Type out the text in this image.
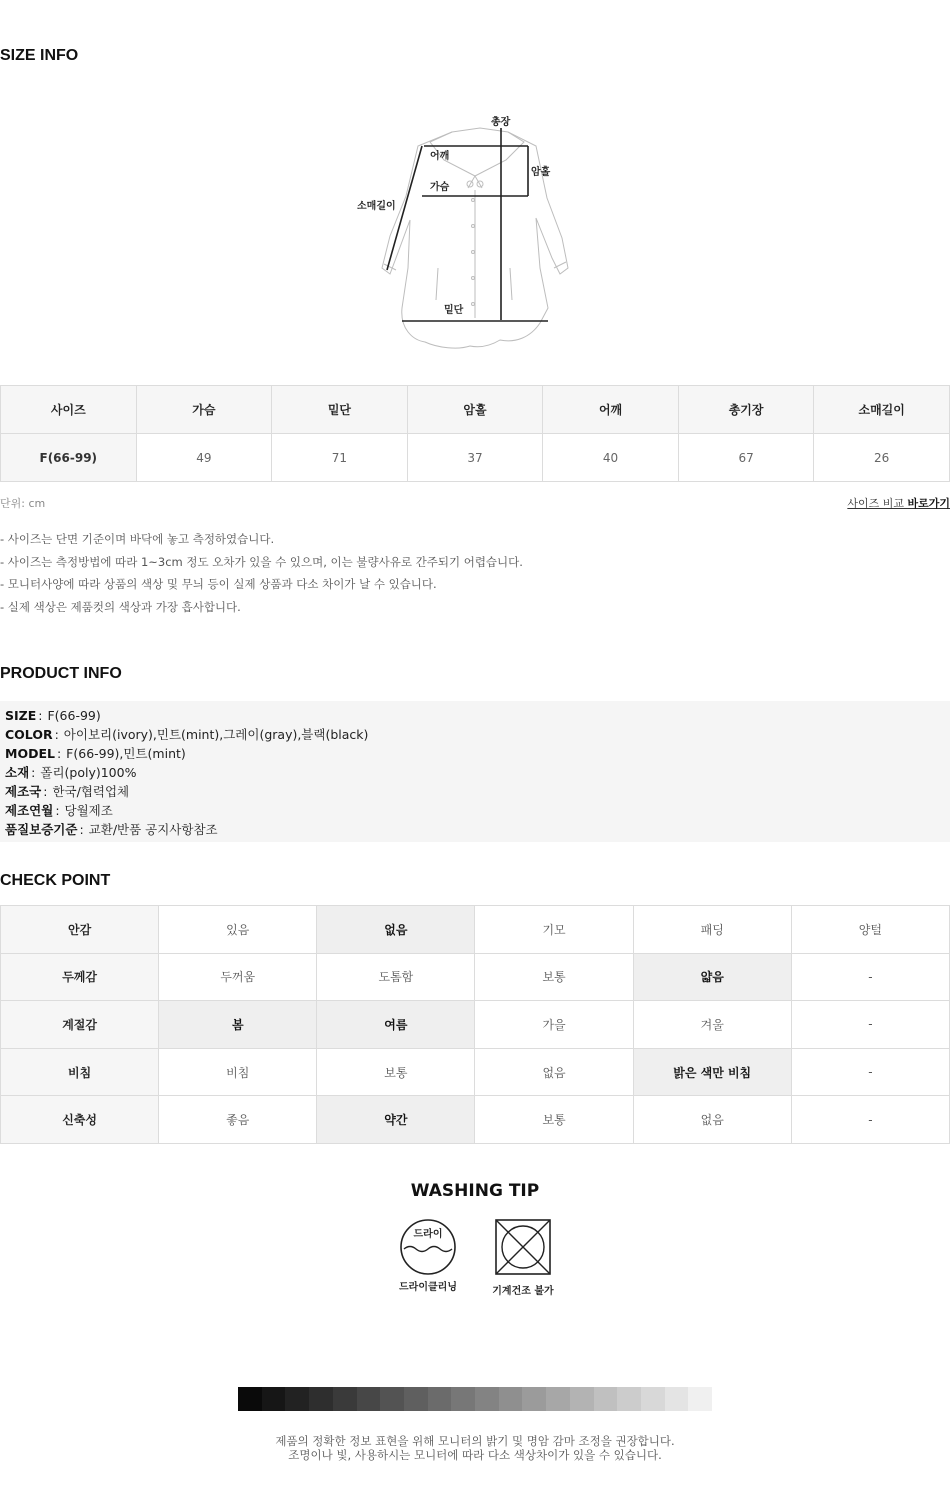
SIZE INFO
총장
어깨
암홀
가슴
소매길이
밑단
사이즈	가슴	밑단	암홀	어깨	총기장	소매길이
F(66-99)	49	71	37	40	67	26
단위: cm	사이즈 비교 바로가기
- 사이즈는 단면 기준이며 바닥에 놓고 측정하였습니다.
- 사이즈는 측정방법에 따라 1~3cm 정도 오차가 있을 수 있으며, 이는 불량사유로 간주되기 어렵습니다.
- 모니터사양에 따라 상품의 색상 및 무늬 등이 실제 상품과 다소 차이가 날 수 있습니다.
- 실제 색상은 제품컷의 색상과 가장 흡사합니다.
PRODUCT INFO
SIZE : F(66-99)
COLOR : 아이보리(ivory),민트(mint),그레이(gray),블랙(black)
MODEL : F(66-99),민트(mint)
소재 : 폴리(poly)100%
제조국 : 한국/협력업체
제조연월 : 당월제조
품질보증기준 : 교환/반품 공지사항참조
CHECK POINT
안감	있음	없음	기모	패딩	양털
두께감	두꺼움	도톰함	보통	얇음	-
계절감	봄	여름	가을	겨울	-
비침	비침	보통	없음	밝은 색만 비침	-
신축성	좋음	약간	보통	없음	-
WASHING TIP
드라이
드라이클리닝	기계건조 불가
제품의 정확한 정보 표현을 위해 모니터의 밝기 및 명암 감마 조정을 권장합니다.
조명이나 빛, 사용하시는 모니터에 따라 다소 색상차이가 있을 수 있습니다.
